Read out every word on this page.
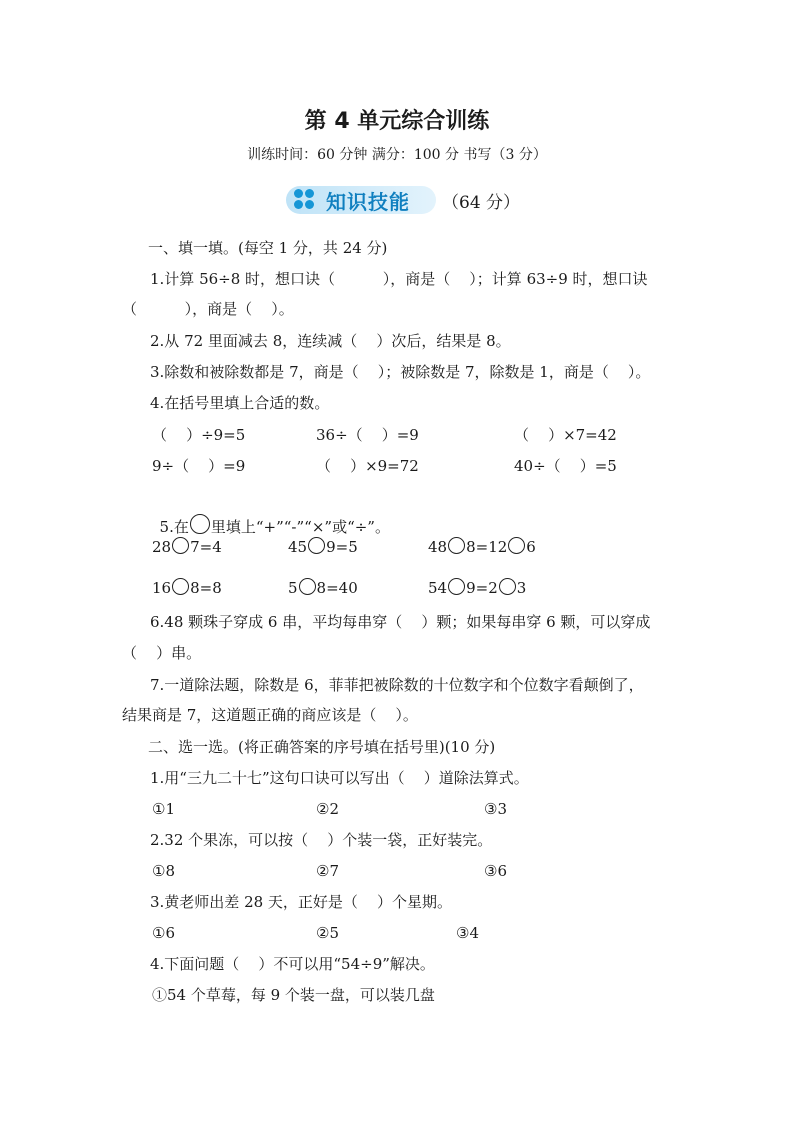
第 4 单元综合训练
训练时间：60 分钟 满分：100 分 书写（3 分）
知识技能 （64 分）
一、填一填。(每空 1 分，共 24 分)
1.计算 56÷8 时，想口诀（          ），商是（    ）；计算 63÷9 时，想口诀
（          ），商是（    ）。
2.从 72 里面减去 8，连续减（    ）次后，结果是 8。
3.除数和被除数都是 7，商是（    ）；被除数是 7，除数是 1，商是（    ）。
4.在括号里填上合适的数。
（    ）÷9=5	36÷（    ）=9	（    ）×7=42
9÷（    ）=9	（    ）×9=72	40÷（    ）=5

5.在 里填上“+”“-”“×”或“÷”。

28 7=4	45 9=5	48 8=12 6
16 8=8	5 8=40	54 9=2 3
6.48 颗珠子穿成 6 串，平均每串穿（    ）颗；如果每串穿 6 颗，可以穿成
（    ）串。
7.一道除法题，除数是 6，菲菲把被除数的十位数字和个位数字看颠倒了，
结果商是 7，这道题正确的商应该是（    ）。
二、选一选。(将正确答案的序号填在括号里)(10 分)
1.用“三九二十七”这句口诀可以写出（    ）道除法算式。
①1	②2	③3
2.32 个果冻，可以按（    ）个装一袋，正好装完。
①8	②7	③6
3.黄老师出差 28 天，正好是（    ）个星期。
①6	②5	③4
4.下面问题（    ）不可以用“54÷9”解决。
①54 个草莓，每 9 个装一盘，可以装几盘
